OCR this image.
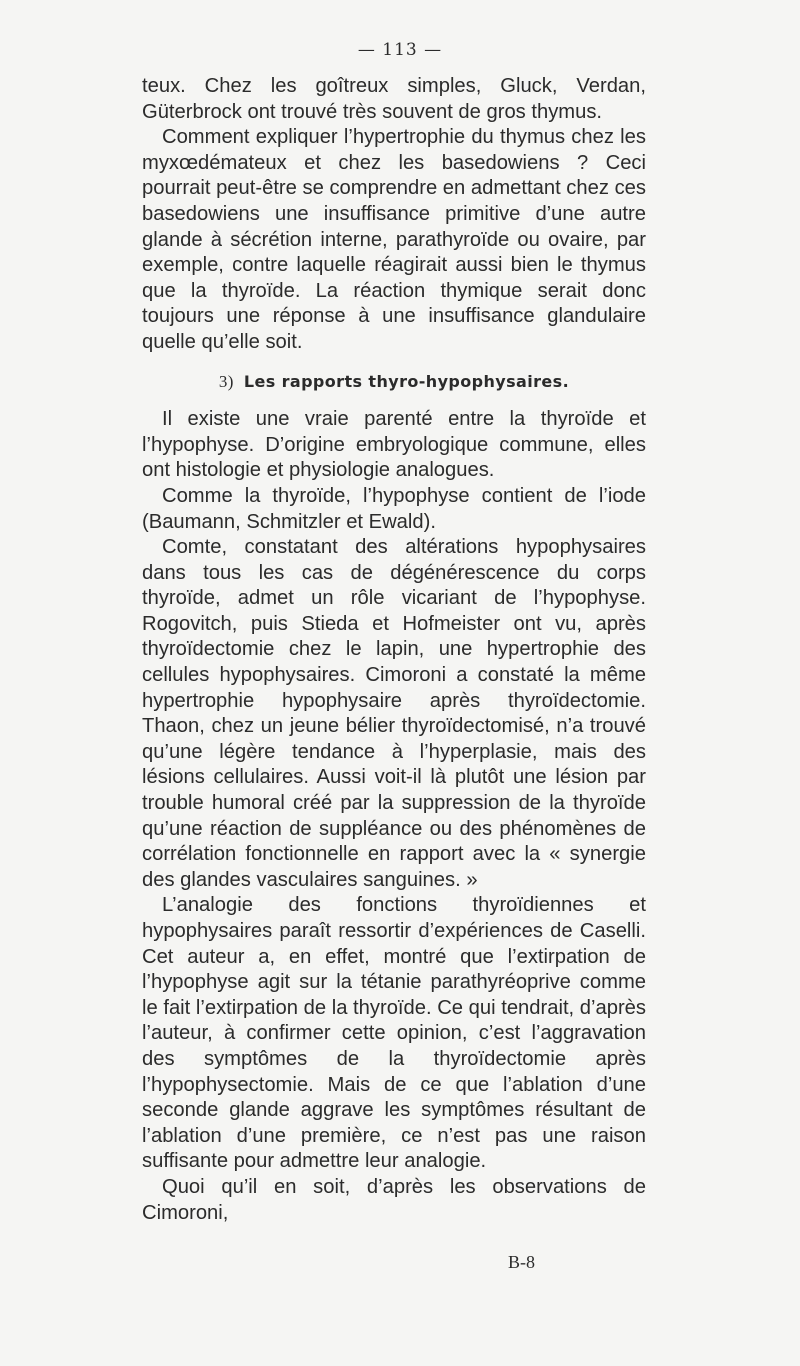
— 113 —

teux. Chez les goîtreux simples, Gluck, Verdan, Güterbrock ont trouvé très souvent de gros thymus.

Comment expliquer l’hypertrophie du thymus chez les myxœdémateux et chez les basedowiens ? Ceci pourrait peut-être se comprendre en admettant chez ces basedowiens une insuffisance primitive d’une autre glande à sécrétion interne, parathyroïde ou ovaire, par exemple, contre laquelle réagirait aussi bien le thymus que la thyroïde. La réaction thymique serait donc toujours une réponse à une insuffisance glandulaire quelle qu’elle soit.

3) Les rapports thyro-hypophysaires.

Il existe une vraie parenté entre la thyroïde et l’hypophyse. D’origine embryologique commune, elles ont histologie et physiologie analogues.

Comme la thyroïde, l’hypophyse contient de l’iode (Baumann, Schmitzler et Ewald).

Comte, constatant des altérations hypophysaires dans tous les cas de dégénérescence du corps thyroïde, admet un rôle vicariant de l’hypophyse. Rogovitch, puis Stieda et Hofmeister ont vu, après thyroïdectomie chez le lapin, une hypertrophie des cellules hypophysaires. Cimoroni a constaté la même hypertrophie hypophysaire après thyroïdectomie. Thaon, chez un jeune bélier thyroïdectomisé, n’a trouvé qu’une légère tendance à l’hyperplasie, mais des lésions cellulaires. Aussi voit-il là plutôt une lésion par trouble humoral créé par la suppression de la thyroïde qu’une réaction de suppléance ou des phénomènes de corrélation fonctionnelle en rapport avec la « synergie des glandes vasculaires sanguines. »

L’analogie des fonctions thyroïdiennes et hypophysaires paraît ressortir d’expériences de Caselli. Cet auteur a, en effet, montré que l’extirpation de l’hypophyse agit sur la tétanie parathyréoprive comme le fait l’extirpation de la thyroïde. Ce qui tendrait, d’après l’auteur, à confirmer cette opinion, c’est l’aggravation des symptômes de la thyroïdectomie après l’hypophysectomie. Mais de ce que l’ablation d’une seconde glande aggrave les symptômes résultant de l’ablation d’une première, ce n’est pas une raison suffisante pour admettre leur analogie.

Quoi qu’il en soit, d’après les observations de Cimoroni,

B-8
